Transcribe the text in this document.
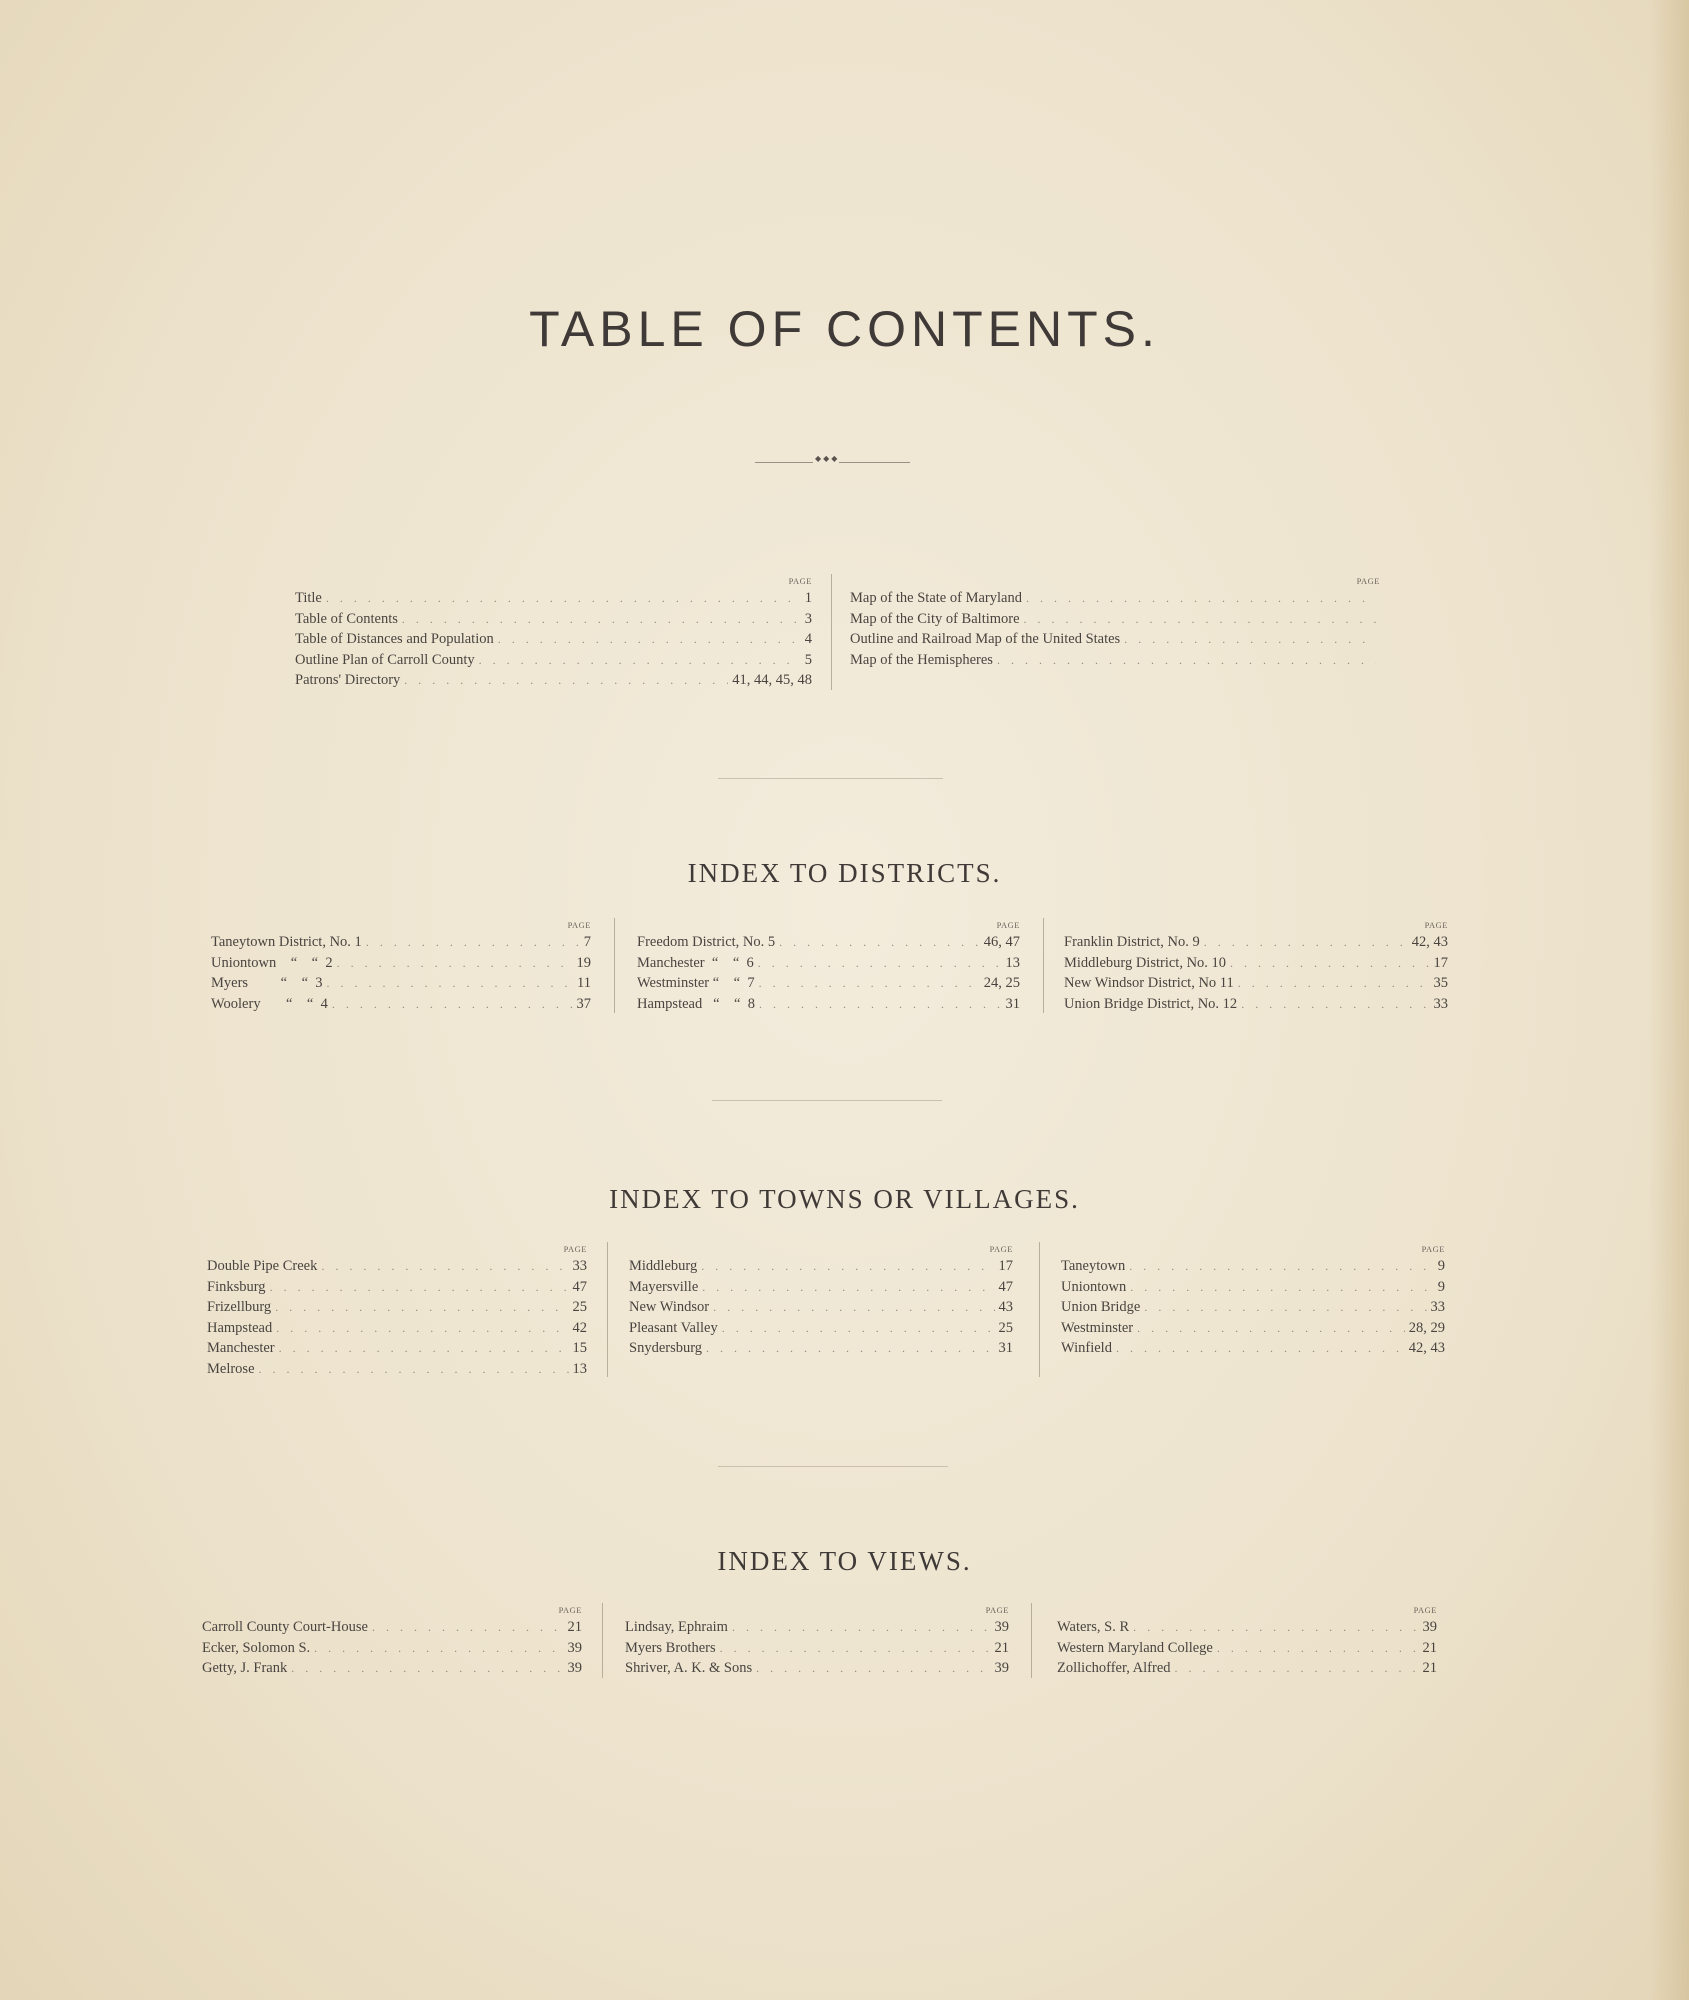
TABLE OF CONTENTS.
◆ ◆ ◆
PAGE
Title . . .	1
Table of Contents . . .	3
Table of Distances and Population . . .	4
Outline Plan of Carroll County . . .	5
Patrons' Directory . . .	41, 44, 45, 48
PAGE
Map of the State of Maryland
. . .
Map of the City of Baltimore
. . .
Outline and Railroad Map of the United States
. . .
Map of the Hemispheres
. . .
INDEX TO DISTRICTS.
PAGE
Taneytown District, No. 1 . . .	7
Uniontown    “    “  2 . . .	19
Myers         “    “  3 . . .	11
Woolery       “    “  4 . . .	37
PAGE
Freedom District, No. 5 . . .	46, 47
Manchester  “    “  6 . . .	13
Westminster “    “  7 . . .	24, 25
Hampstead   “    “  8 . . .	31
PAGE
Franklin District, No. 9 . . .	42, 43
Middleburg District, No. 10 . . .	17
New Windsor District, No 11 . . .	35
Union Bridge District, No. 12 . . .	33
INDEX TO TOWNS OR VILLAGES.
PAGE
Double Pipe Creek . . .	33
Finksburg . . .	47
Frizellburg . . .	25
Hampstead . . .	42
Manchester . . .	15
Melrose . . .	13
PAGE
Middleburg . . .	17
Mayersville . . .	47
New Windsor . . .	43
Pleasant Valley . . .	25
Snydersburg . . .	31
PAGE
Taneytown . . .	9
Uniontown . . .	9
Union Bridge . . .	33
Westminster . . .	28, 29
Winfield . . .	42, 43
INDEX TO VIEWS.
PAGE
Carroll County Court-House . . .	21
Ecker, Solomon S. . . .	39
Getty, J. Frank . . .	39
PAGE
Lindsay, Ephraim . . .	39
Myers Brothers . . .	21
Shriver, A. K. & Sons . . .	39
PAGE
Waters, S. R . . .	39
Western Maryland College . . .	21
Zollichoffer, Alfred . . .	21
